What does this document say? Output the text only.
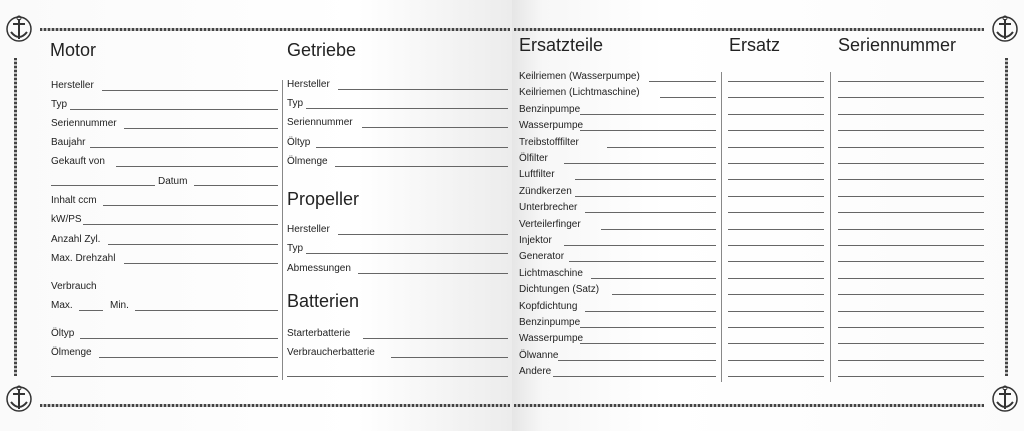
Motor
Hersteller
Typ
Seriennummer
Baujahr
Gekauft von
Datum
Inhalt ccm
kW/PS
Anzahl Zyl.
Max. Drehzahl
Verbrauch
Max.	Min.
Öltyp
Ölmenge
Getriebe
Hersteller
Typ
Seriennummer
Öltyp
Ölmenge
Propeller
Hersteller
Typ
Abmessungen
Batterien
Starterbatterie
Verbraucherbatterie
Ersatzteile	Ersatz	Seriennummer
Keilriemen (Wasserpumpe)
Keilriemen (Lichtmaschine)
Benzinpumpe
Wasserpumpe
Treibstofffilter
Ölfilter
Luftfilter
Zündkerzen
Unterbrecher
Verteilerfinger
Injektor
Generator
Lichtmaschine
Dichtungen (Satz)
Kopfdichtung
Benzinpumpe
Wasserpumpe
Ölwanne
Andere
